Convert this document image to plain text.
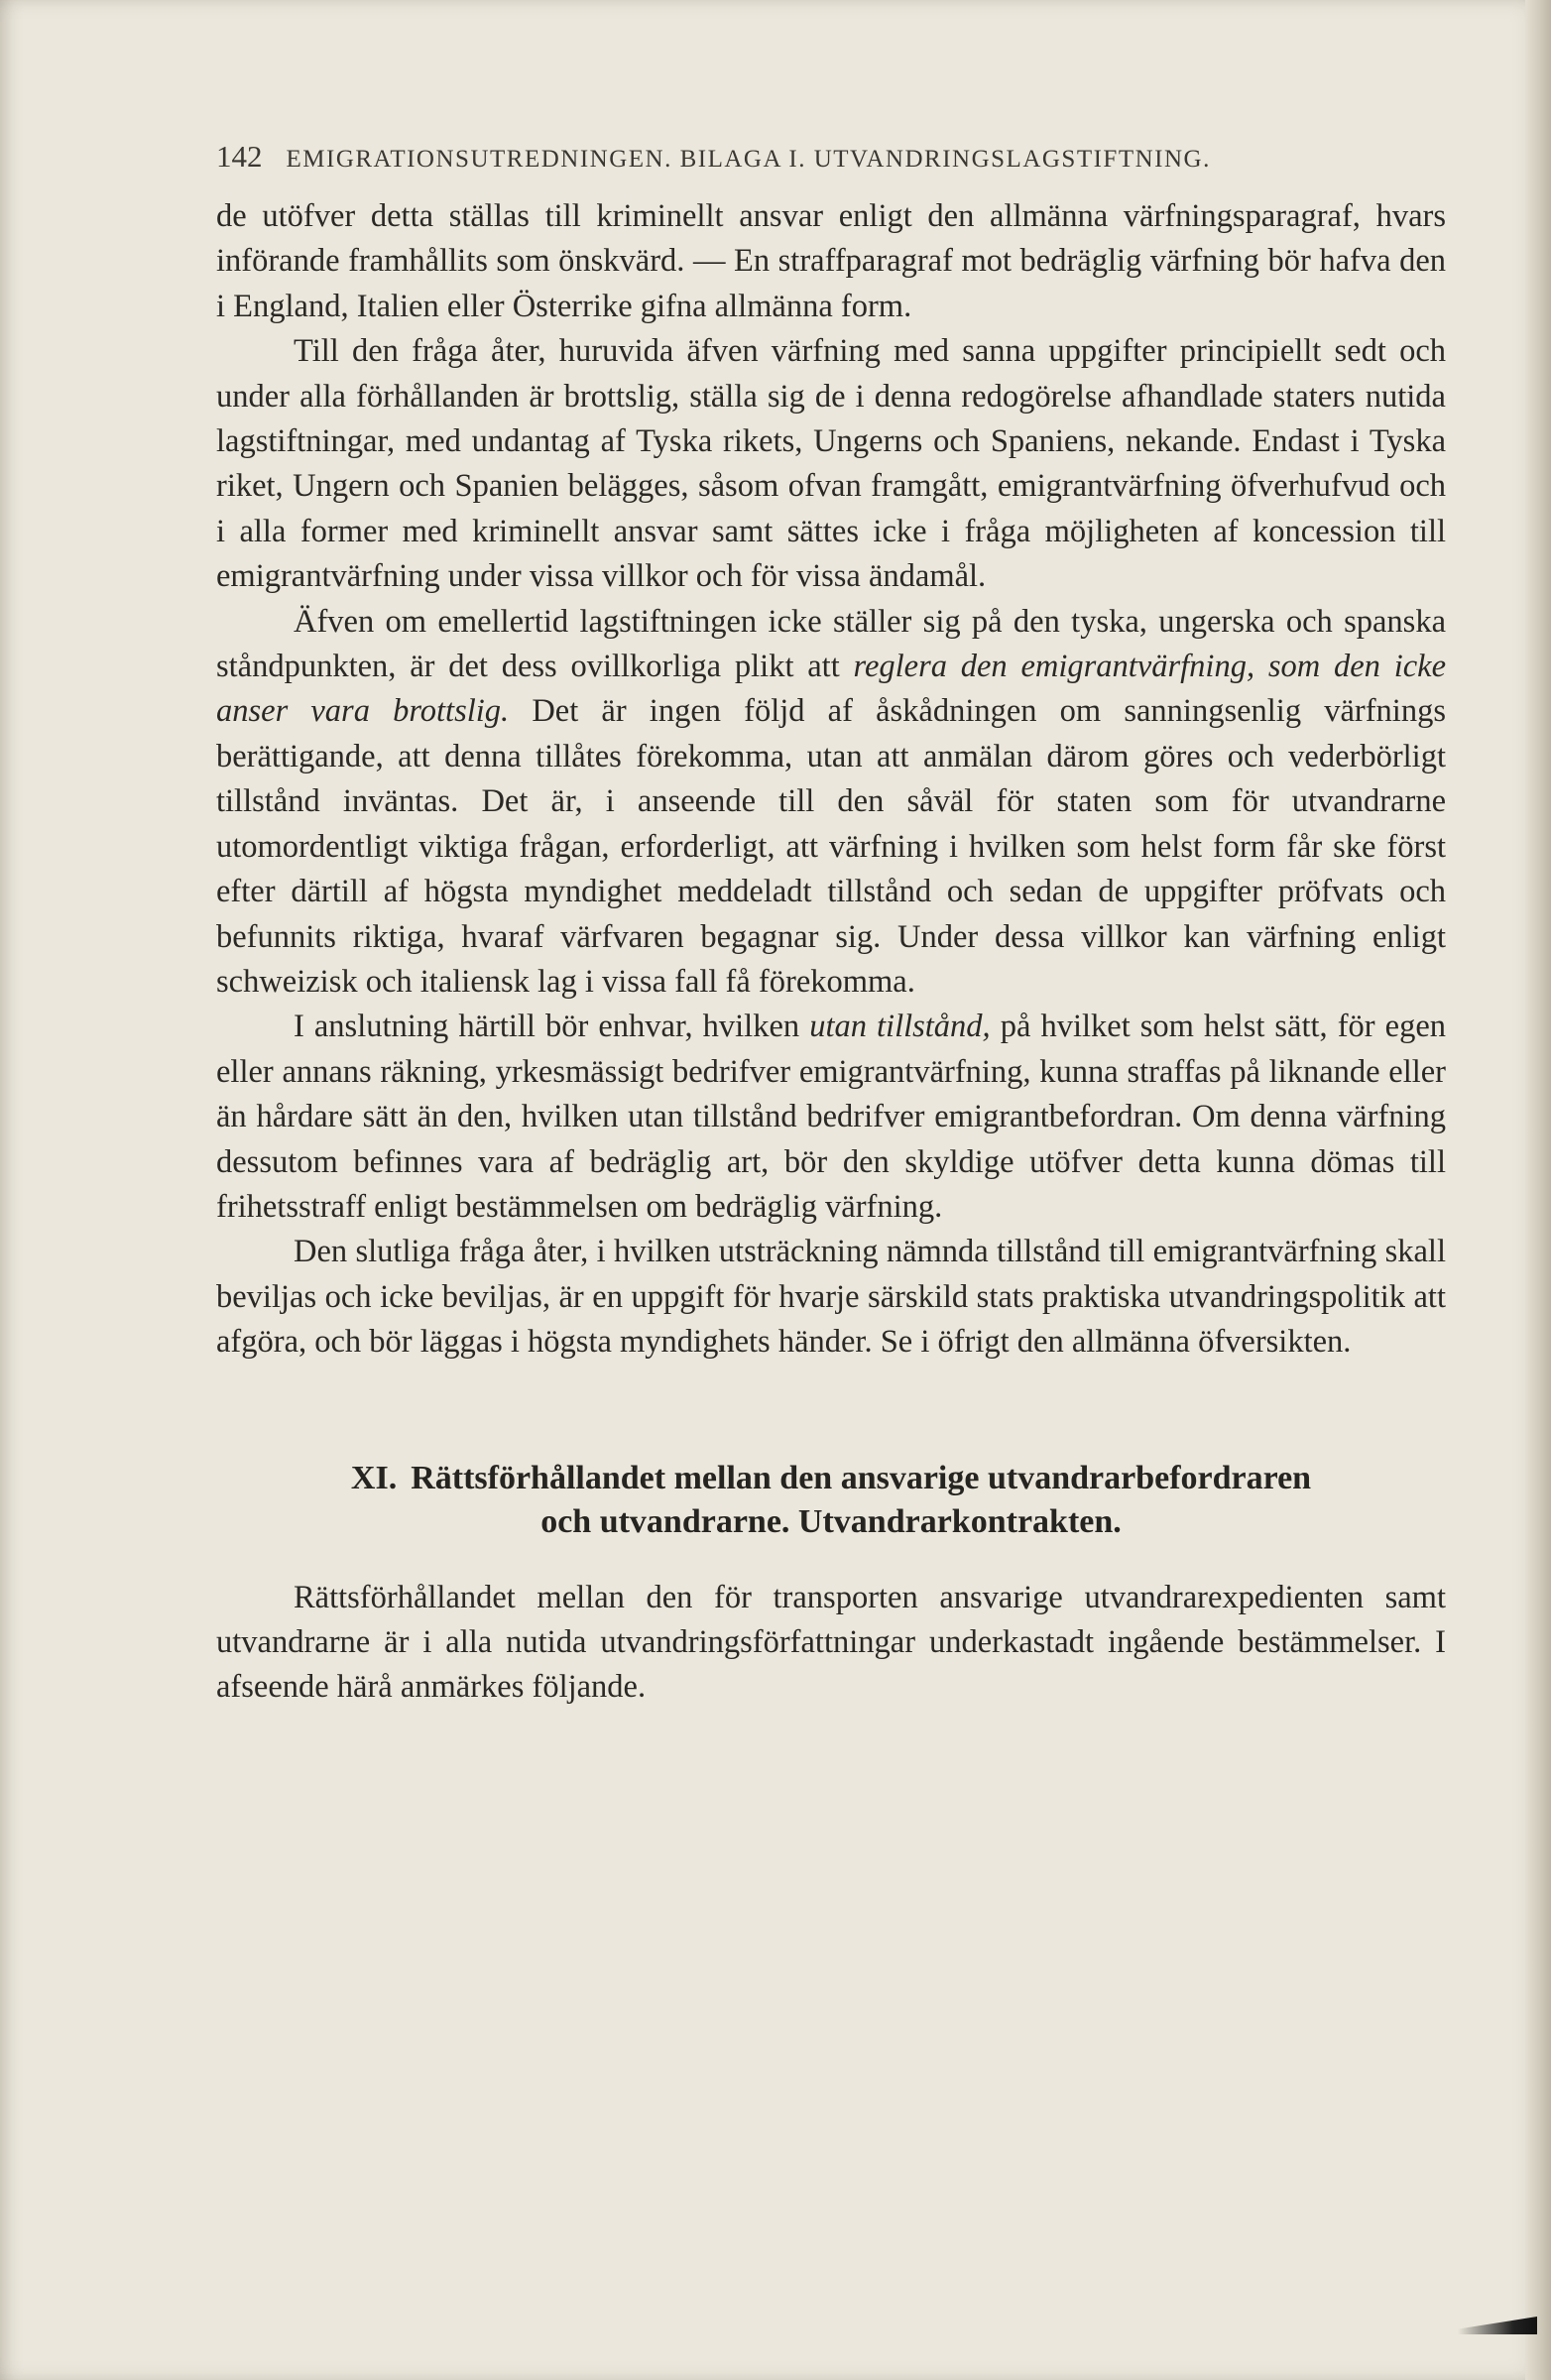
142 EMIGRATIONSUTREDNINGEN. BILAGA I. UTVANDRINGSLAGSTIFTNING.

de utöfver detta ställas till kriminellt ansvar enligt den allmänna värfningsparagraf, hvars införande framhållits som önskvärd. — En straffparagraf mot bedräglig värfning bör hafva den i England, Italien eller Österrike gifna allmänna form.

Till den fråga åter, huruvida äfven värfning med sanna uppgifter principiellt sedt och under alla förhållanden är brottslig, ställa sig de i denna redogörelse afhandlade staters nutida lagstiftningar, med undantag af Tyska rikets, Ungerns och Spaniens, nekande. Endast i Tyska riket, Ungern och Spanien belägges, såsom ofvan framgått, emigrantvärfning öfverhufvud och i alla former med kriminellt ansvar samt sättes icke i fråga möjligheten af koncession till emigrantvärfning under vissa villkor och för vissa ändamål.

Äfven om emellertid lagstiftningen icke ställer sig på den tyska, ungerska och spanska ståndpunkten, är det dess ovillkorliga plikt att reglera den emigrantvärfning, som den icke anser vara brottslig. Det är ingen följd af åskådningen om sanningsenlig värfnings berättigande, att denna tillåtes förekomma, utan att anmälan därom göres och vederbörligt tillstånd inväntas. Det är, i anseende till den såväl för staten som för utvandrarne utomordentligt viktiga frågan, erforderligt, att värfning i hvilken som helst form får ske först efter därtill af högsta myndighet meddeladt tillstånd och sedan de uppgifter pröfvats och befunnits riktiga, hvaraf värfvaren begagnar sig. Under dessa villkor kan värfning enligt schweizisk och italiensk lag i vissa fall få förekomma.

I anslutning härtill bör enhvar, hvilken utan tillstånd, på hvilket som helst sätt, för egen eller annans räkning, yrkesmässigt bedrifver emigrantvärfning, kunna straffas på liknande eller än hårdare sätt än den, hvilken utan tillstånd bedrifver emigrantbefordran. Om denna värfning dessutom befinnes vara af bedräglig art, bör den skyldige utöfver detta kunna dömas till frihetsstraff enligt bestämmelsen om bedräglig värfning.

Den slutliga fråga åter, i hvilken utsträckning nämnda tillstånd till emigrantvärfning skall beviljas och icke beviljas, är en uppgift för hvarje särskild stats praktiska utvandringspolitik att afgöra, och bör läggas i högsta myndighets händer. Se i öfrigt den allmänna öfversikten.

XI. Rättsförhållandet mellan den ansvarige utvandrarbefordraren
och utvandrarne. Utvandrarkontrakten.

Rättsförhållandet mellan den för transporten ansvarige utvandrarexpedienten samt utvandrarne är i alla nutida utvandringsförfattningar underkastadt ingående bestämmelser. I afseende härå anmärkes följande.
